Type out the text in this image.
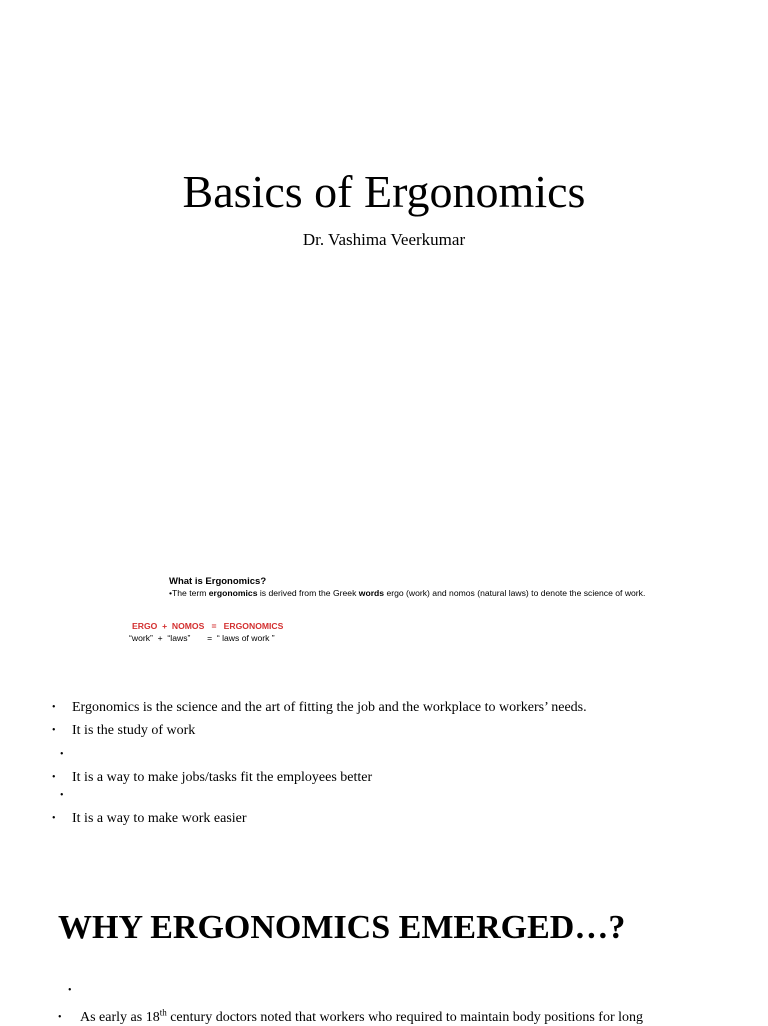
Basics of Ergonomics
Dr. Vashima Veerkumar
What is Ergonomics?
•The term ergonomics is derived from the Greek words ergo (work) and nomos (natural laws) to denote the science of work.
ERGO  +  NOMOS   =   ERGONOMICS
“work”  +  “laws”       =  “ laws of work ”
• Ergonomics is the science and the art of fitting the job and the workplace to workers’ needs.
• It is the study of work
•
• It is a way to make jobs/tasks fit the employees better
•
• It is a way to make work easier
WHY ERGONOMICS EMERGED…?
•
• As early as 18th century doctors noted that workers who required to maintain body positions for long
